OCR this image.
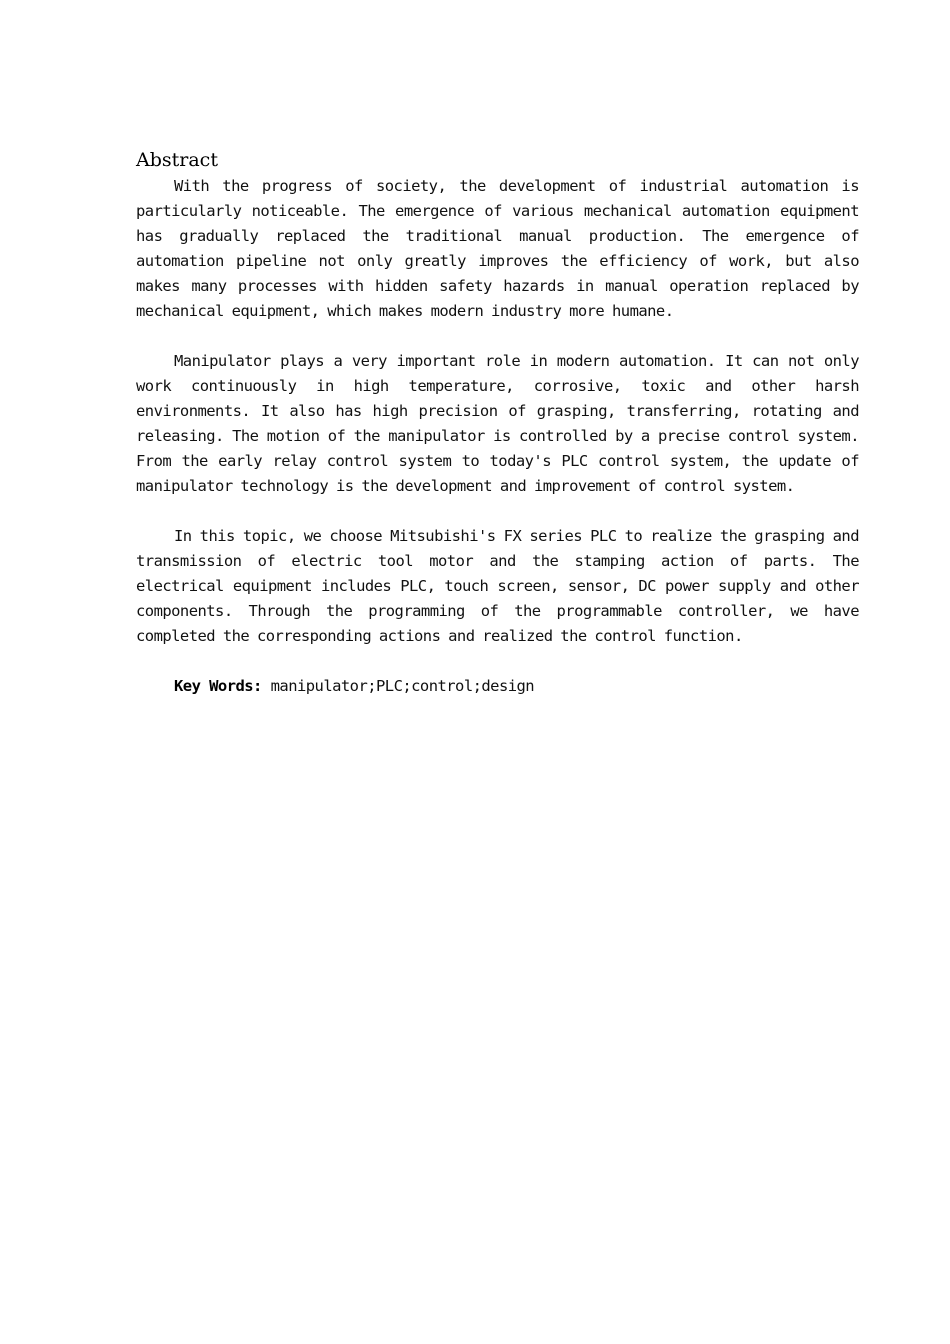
Abstract

With the progress of society, the development of industrial automation is particularly noticeable. The emergence of various mechanical automation equipment has gradually replaced the traditional manual production. The emergence of automation pipeline not only greatly improves the efficiency of work, but also makes many processes with hidden safety hazards in manual operation replaced by mechanical equipment, which makes modern industry more humane.

Manipulator plays a very important role in modern automation. It can not only work continuously in high temperature, corrosive, toxic and other harsh environments. It also has high precision of grasping, transferring, rotating and releasing. The motion of the manipulator is controlled by a precise control system. From the early relay control system to today's PLC control system, the update of manipulator technology is the development and improvement of control system.

In this topic, we choose Mitsubishi's FX series PLC to realize the grasping and transmission of electric tool motor and the stamping action of parts. The electrical equipment includes PLC, touch screen, sensor, DC power supply and other components. Through the programming of the programmable controller, we have completed the corresponding actions and realized the control function.

Key Words: manipulator;PLC;control;design
